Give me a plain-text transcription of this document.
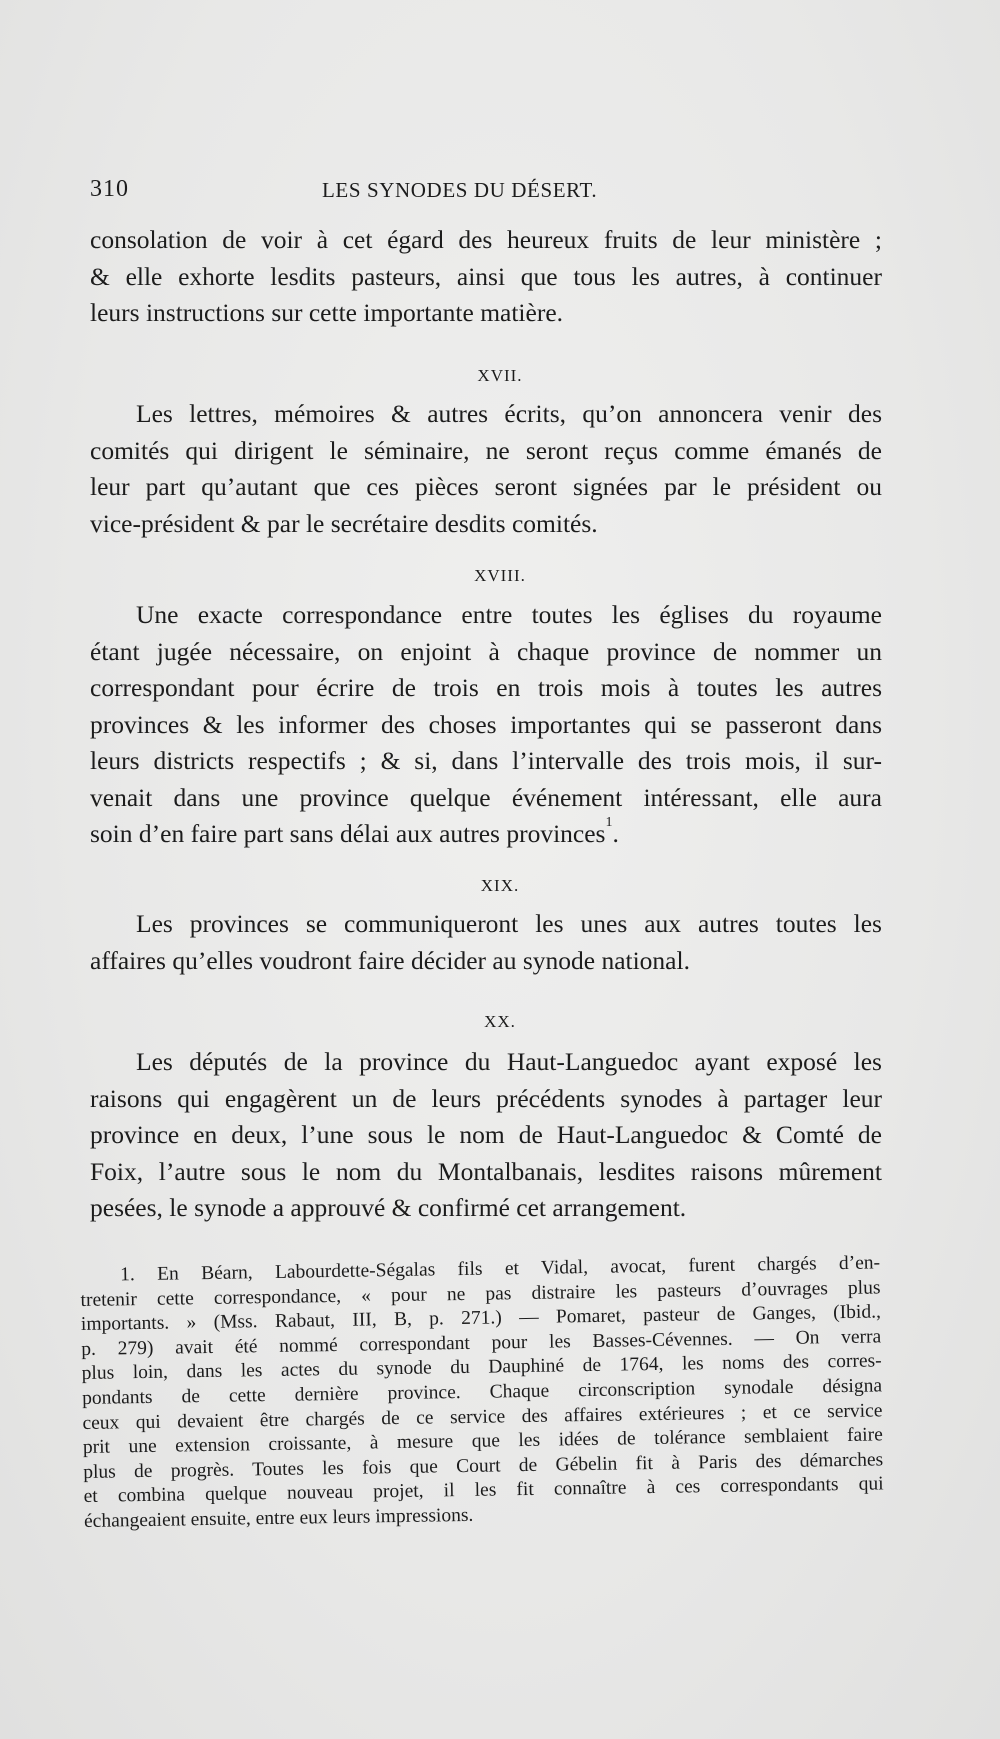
310	LES SYNODES DU DÉSERT.
consolation de voir à cet égard des heureux fruits de leur ministère ;
& elle exhorte lesdits pasteurs, ainsi que tous les autres, à continuer
leurs instructions sur cette importante matière.
XVII.
Les lettres, mémoires & autres écrits, qu’on annoncera venir des
comités qui dirigent le séminaire, ne seront reçus comme émanés de
leur part qu’autant que ces pièces seront signées par le président ou
vice-président & par le secrétaire desdits comités.
XVIII.
Une exacte correspondance entre toutes les églises du royaume
étant jugée nécessaire, on enjoint à chaque province de nommer un
correspondant pour écrire de trois en trois mois à toutes les autres
provinces & les informer des choses importantes qui se passeront dans
leurs districts respectifs ; & si, dans l’intervalle des trois mois, il sur-
venait dans une province quelque événement intéressant, elle aura
soin d’en faire part sans délai aux autres provinces$^1$.
XIX.
Les provinces se communiqueront les unes aux autres toutes les
affaires qu’elles voudront faire décider au synode national.
XX.
Les députés de la province du Haut-Languedoc ayant exposé les
raisons qui engagèrent un de leurs précédents synodes à partager leur
province en deux, l’une sous le nom de Haut-Languedoc & Comté de
Foix, l’autre sous le nom du Montalbanais, lesdites raisons mûrement
pesées, le synode a approuvé & confirmé cet arrangement.
1. En Béarn, Labourdette-Ségalas fils et Vidal, avocat, furent chargés d’en-
tretenir cette correspondance, « pour ne pas distraire les pasteurs d’ouvrages plus
importants. » (Mss. Rabaut, III, B, p. 271.) — Pomaret, pasteur de Ganges, (Ibid.,
p. 279) avait été nommé correspondant pour les Basses-Cévennes. — On verra
plus loin, dans les actes du synode du Dauphiné de 1764, les noms des corres-
pondants de cette dernière province. Chaque circonscription synodale désigna
ceux qui devaient être chargés de ce service des affaires extérieures ; et ce service
prit une extension croissante, à mesure que les idées de tolérance semblaient faire
plus de progrès. Toutes les fois que Court de Gébelin fit à Paris des démarches
et combina quelque nouveau projet, il les fit connaître à ces correspondants qui
échangeaient ensuite, entre eux leurs impressions.
